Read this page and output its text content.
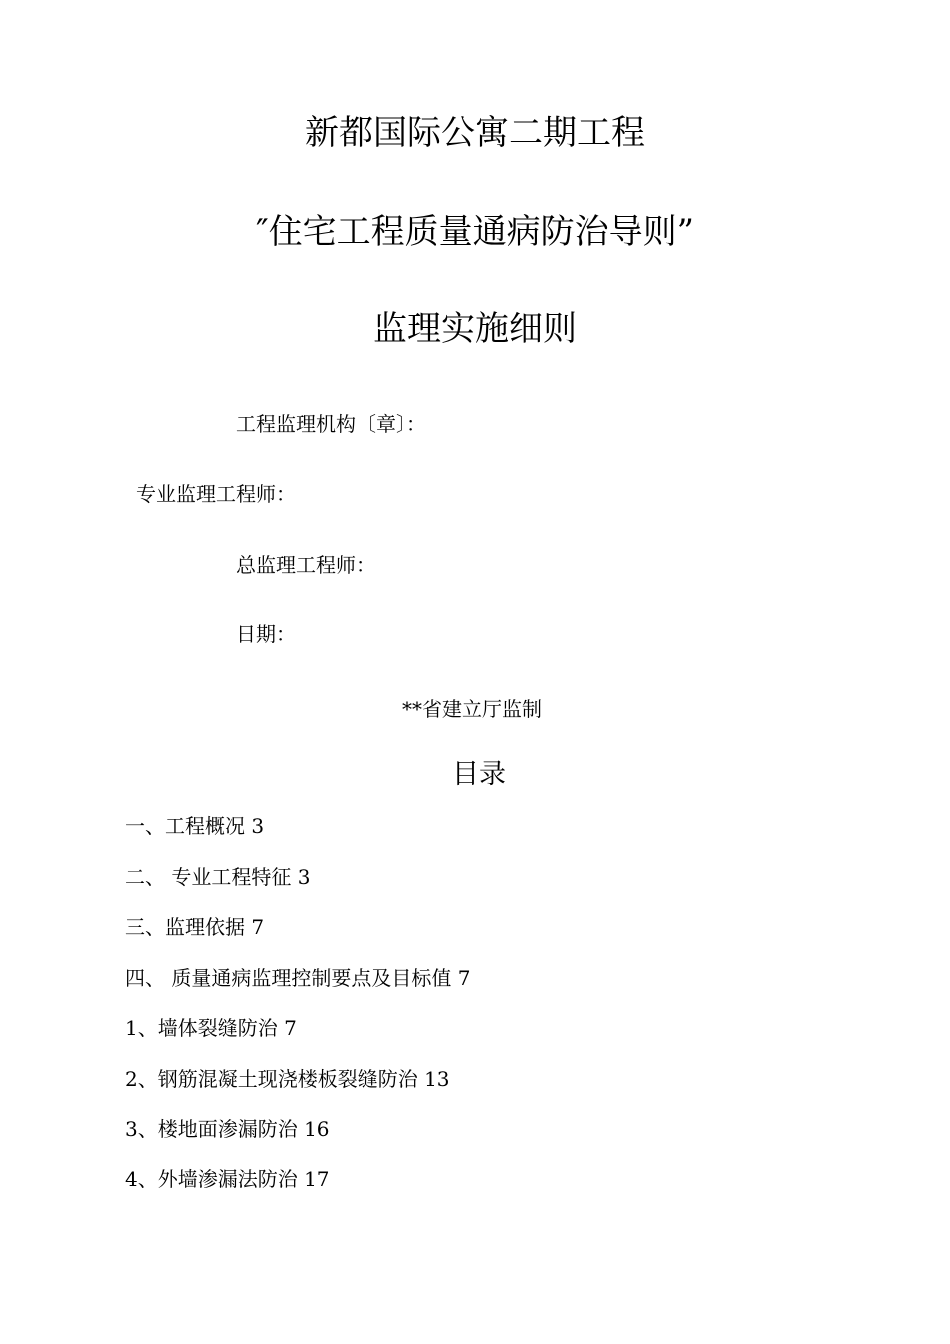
新都国际公寓二期工程
″住宅工程质量通病防治导则”
监理实施细则
工程监理机构〔章〕：
专业监理工程师：
总监理工程师：
日期：
**省建立厅监制
目录
一、工程概况 3
二、 专业工程特征 3
三、监理依据 7
四、 质量通病监理控制要点及目标值 7
1、墙体裂缝防治 7
2、钢筋混凝土现浇楼板裂缝防治 13
3、楼地面渗漏防治 16
4、外墙渗漏法防治 17
